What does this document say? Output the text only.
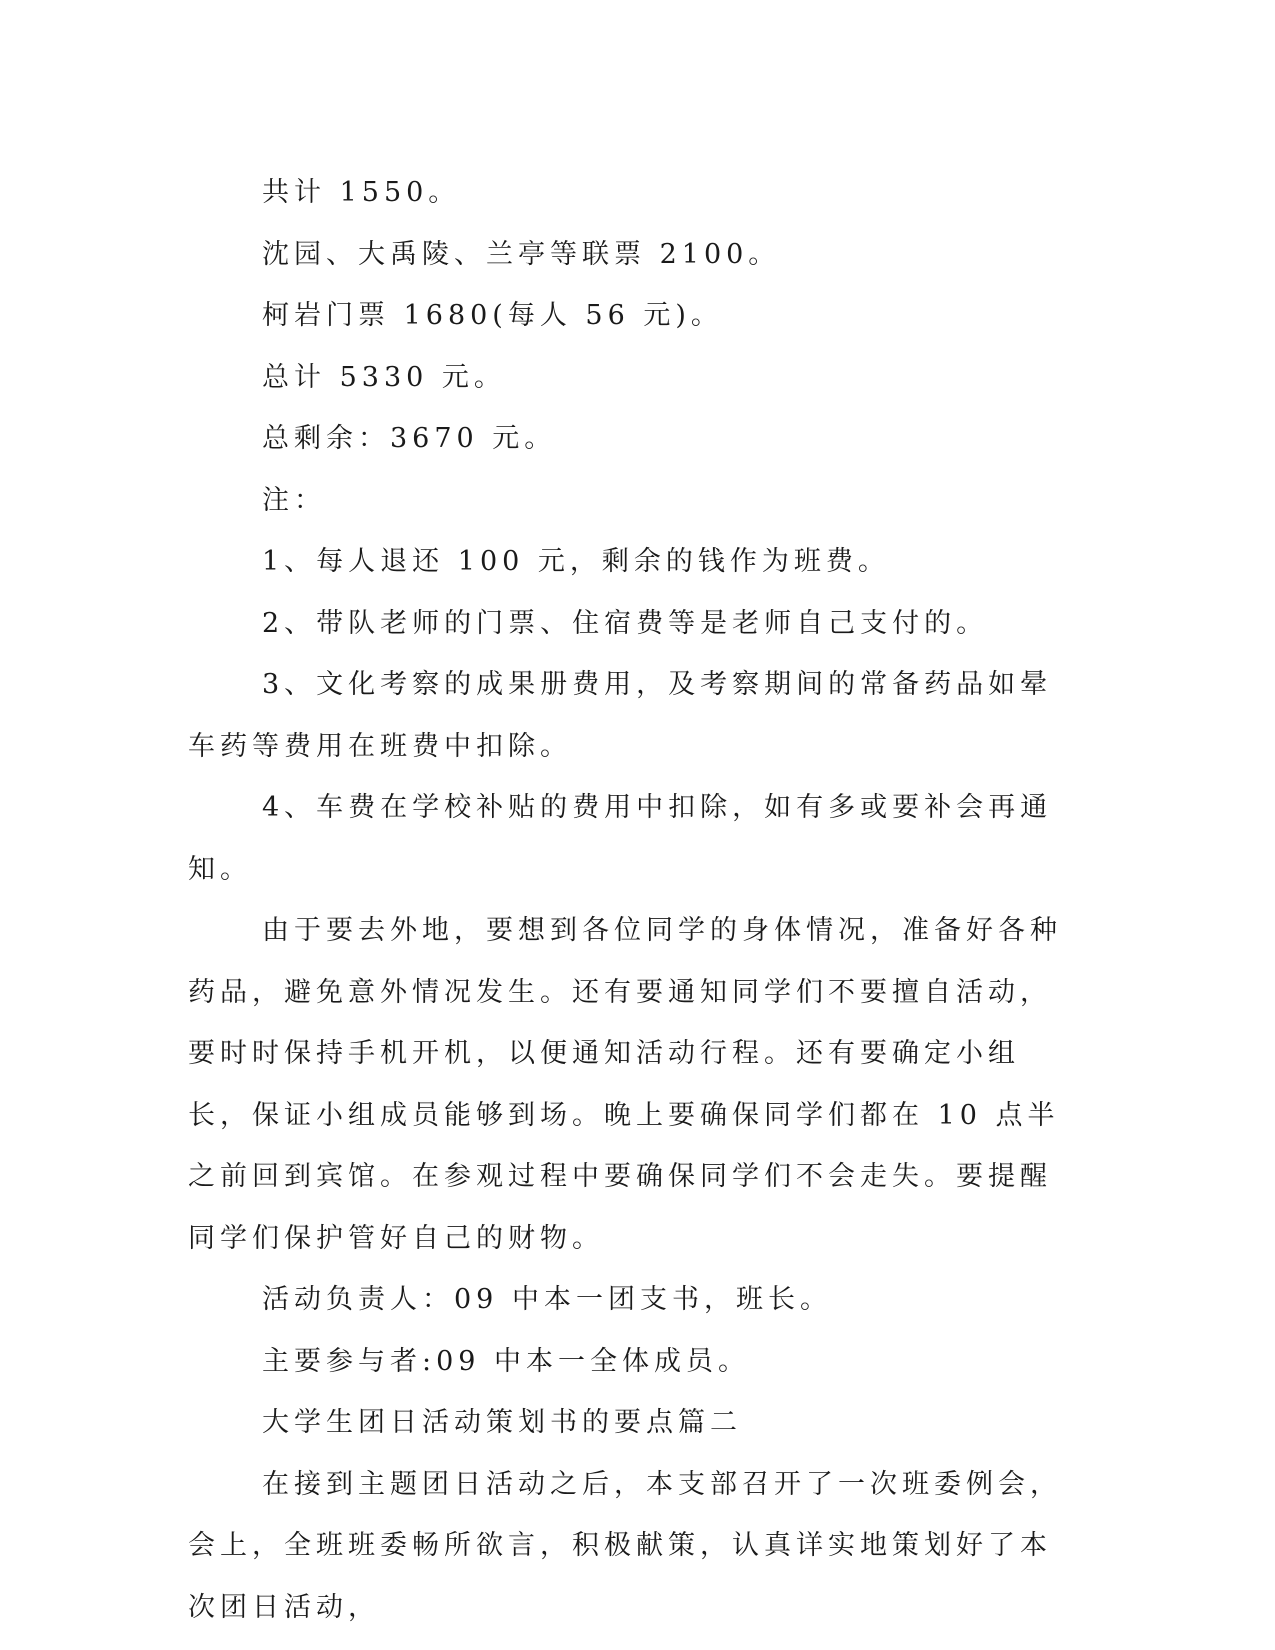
共计 1550。

沈园、大禹陵、兰亭等联票 2100。

柯岩门票 1680(每人 56 元)。

总计 5330 元。

总剩余：3670 元。

注：

1、每人退还 100 元，剩余的钱作为班费。

2、带队老师的门票、住宿费等是老师自己支付的。

3、文化考察的成果册费用，及考察期间的常备药品如晕车药等费用在班费中扣除。

4、车费在学校补贴的费用中扣除，如有多或要补会再通知。

由于要去外地，要想到各位同学的身体情况，准备好各种药品，避免意外情况发生。还有要通知同学们不要擅自活动，要时时保持手机开机，以便通知活动行程。还有要确定小组长，保证小组成员能够到场。晚上要确保同学们都在 10 点半之前回到宾馆。在参观过程中要确保同学们不会走失。要提醒同学们保护管好自己的财物。

活动负责人：09 中本一团支书，班长。

主要参与者:09 中本一全体成员。

大学生团日活动策划书的要点篇二

在接到主题团日活动之后，本支部召开了一次班委例会，会上，全班班委畅所欲言，积极献策，认真详实地策划好了本次团日活动，
